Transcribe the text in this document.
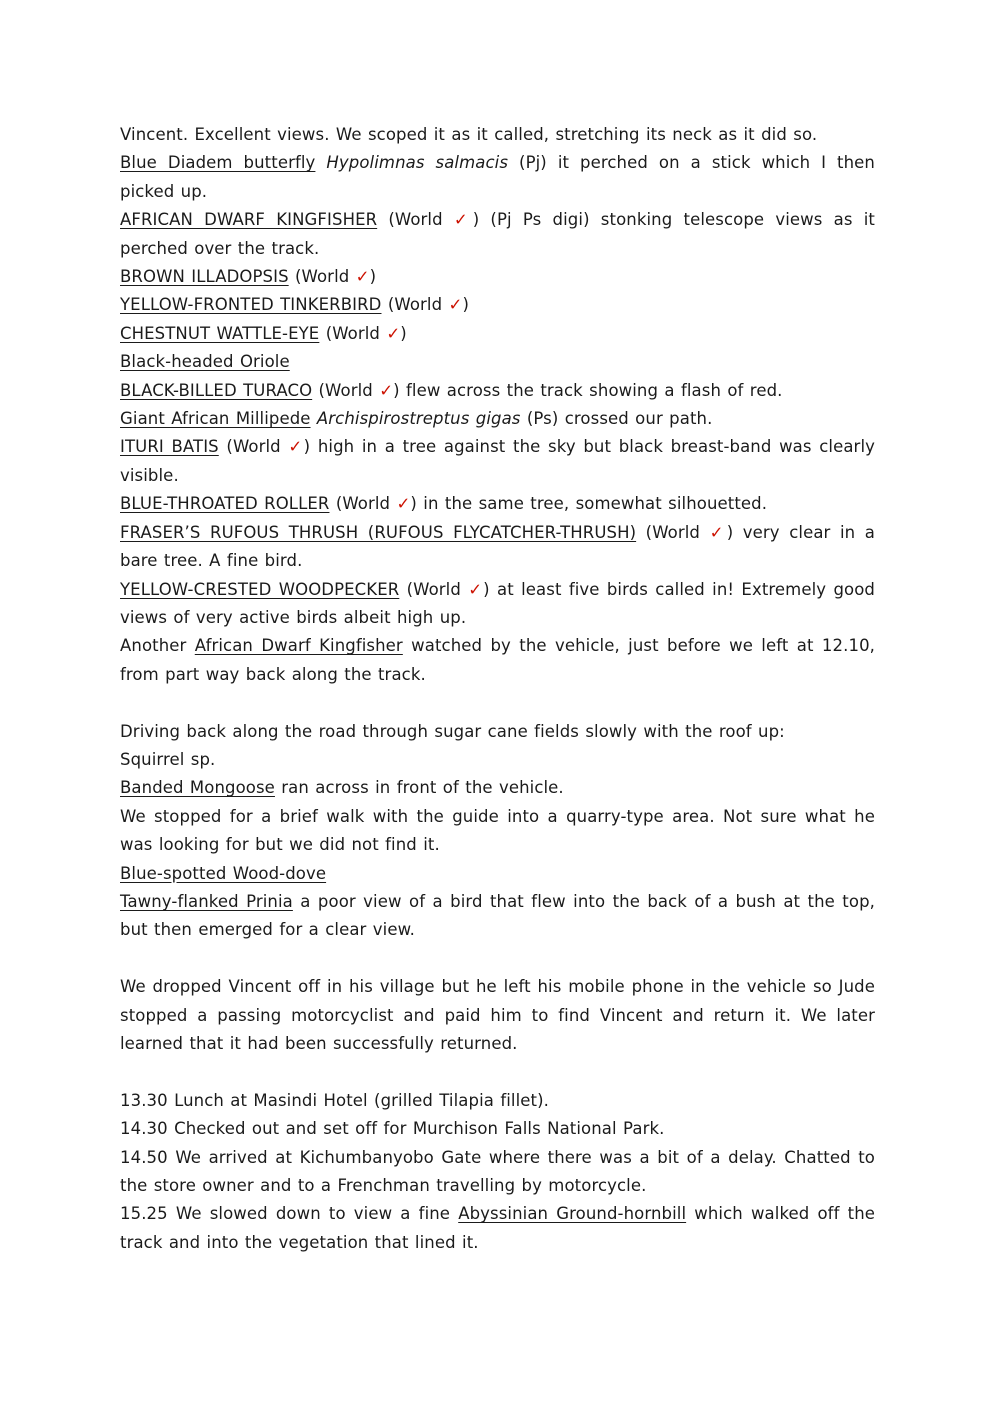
Vincent. Excellent views. We scoped it as it called, stretching its neck as it did so.

Blue Diadem butterfly Hypolimnas salmacis (Pj) it perched on a stick which I then picked up.

AFRICAN DWARF KINGFISHER (World ✓) (Pj Ps digi) stonking telescope views as it perched over the track.

BROWN ILLADOPSIS (World ✓)

YELLOW-FRONTED TINKERBIRD (World ✓)

CHESTNUT WATTLE-EYE (World ✓)

Black-headed Oriole

BLACK-BILLED TURACO (World ✓) flew across the track showing a flash of red.

Giant African Millipede Archispirostreptus gigas (Ps) crossed our path.

ITURI BATIS (World ✓) high in a tree against the sky but black breast-band was clearly visible.

BLUE-THROATED ROLLER (World ✓) in the same tree, somewhat silhouetted.

FRASER’S RUFOUS THRUSH (RUFOUS FLYCATCHER-THRUSH) (World ✓) very clear in a bare tree. A fine bird.

YELLOW-CRESTED WOODPECKER (World ✓) at least five birds called in! Extremely good views of very active birds albeit high up.

Another African Dwarf Kingfisher watched by the vehicle, just before we left at 12.10, from part way back along the track.

Driving back along the road through sugar cane fields slowly with the roof up:

Squirrel sp.

Banded Mongoose ran across in front of the vehicle.

We stopped for a brief walk with the guide into a quarry-type area. Not sure what he was looking for but we did not find it.

Blue-spotted Wood-dove

Tawny-flanked Prinia a poor view of a bird that flew into the back of a bush at the top, but then emerged for a clear view.

We dropped Vincent off in his village but he left his mobile phone in the vehicle so Jude stopped a passing motorcyclist and paid him to find Vincent and return it. We later learned that it had been successfully returned.

13.30 Lunch at Masindi Hotel (grilled Tilapia fillet).

14.30 Checked out and set off for Murchison Falls National Park.

14.50 We arrived at Kichumbanyobo Gate where there was a bit of a delay. Chatted to the store owner and to a Frenchman travelling by motorcycle.

15.25 We slowed down to view a fine Abyssinian Ground-hornbill which walked off the track and into the vegetation that lined it.
